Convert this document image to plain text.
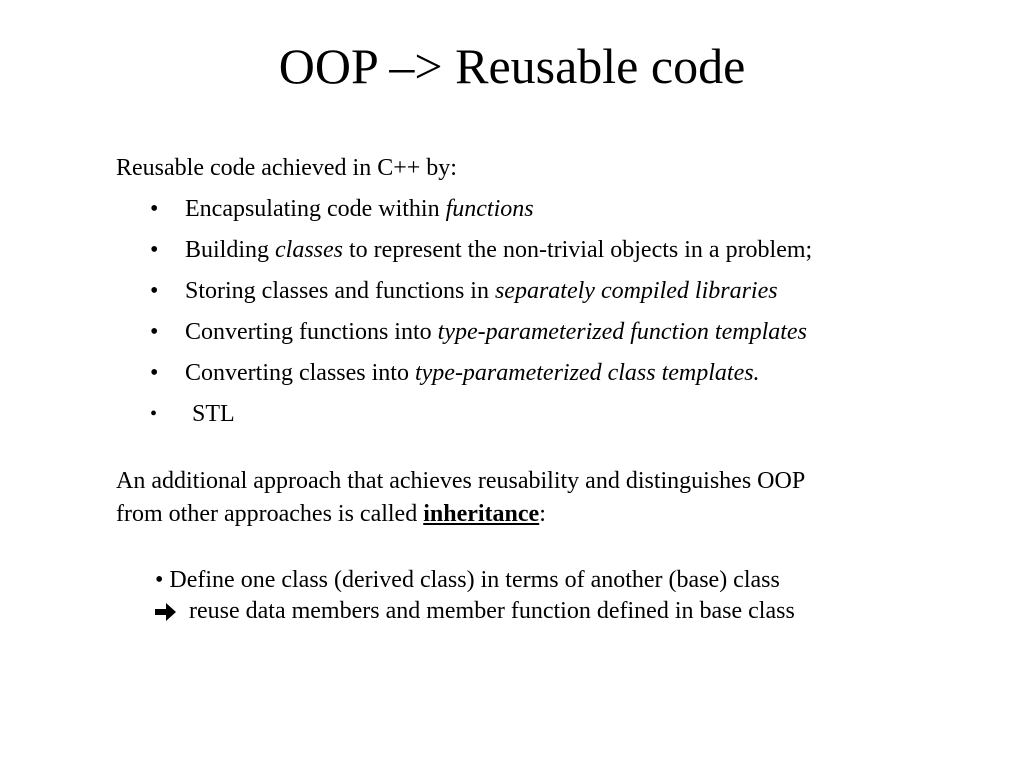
OOP –> Reusable code
Reusable code achieved in C++ by:
•	Encapsulating code within functions
•	Building classes to represent the non-trivial objects in a problem;
•	Storing classes and functions in separately compiled libraries
•	Converting functions into type-parameterized function templates
•	Converting classes into type-parameterized class templates.
•	STL
An additional approach that achieves reusability and distinguishes OOP
from other approaches is called inheritance:
• Define one class (derived class) in terms of another (base) class
reuse data members and member function defined in base class
